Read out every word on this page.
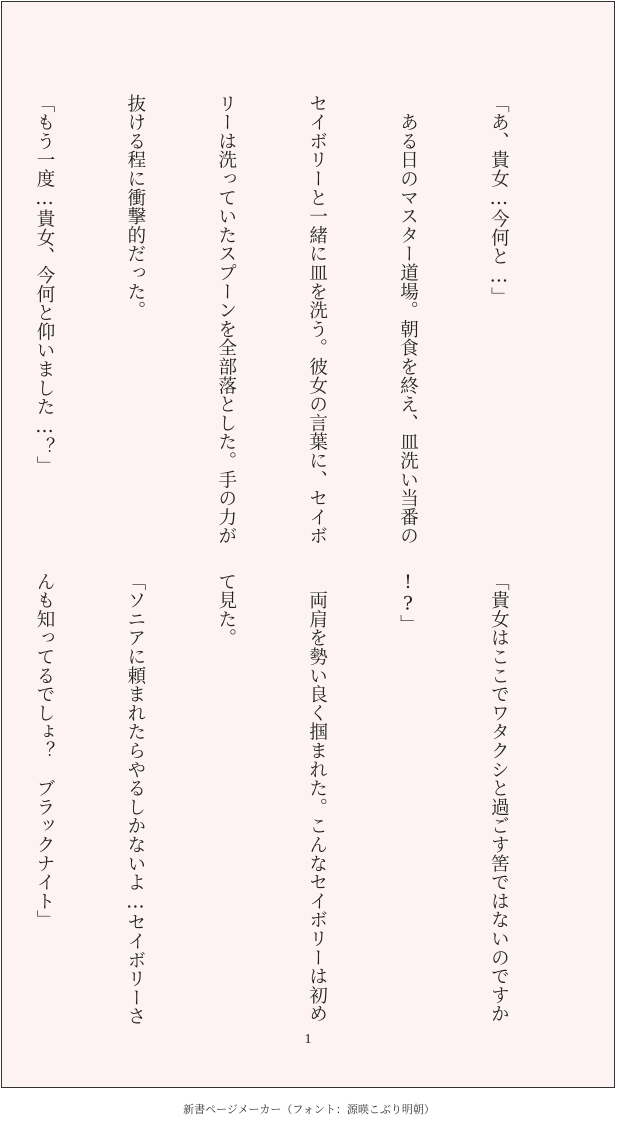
「あ、貴女…今何と…」

　ある日のマスター道場。朝食を終え、皿洗い当番の

セイボリーと一緒に皿を洗う。彼女の言葉に、セイボ

リーは洗っていたスプーンを全部落とした。手の力が

抜ける程に衝撃的だった。

「もう一度…貴女、今何と仰いました…？」

「貴女はここでワタクシと過ごす筈ではないのですか

!?」

　両肩を勢い良く掴まれた。こんなセイボリーは初め

て見た。

「ソニアに頼まれたらやるしかないよ…セイボリーさ

んも知ってるでしょ？　ブラックナイト」

1
新書ページメーカー（フォント：源暎こぶり明朝）
